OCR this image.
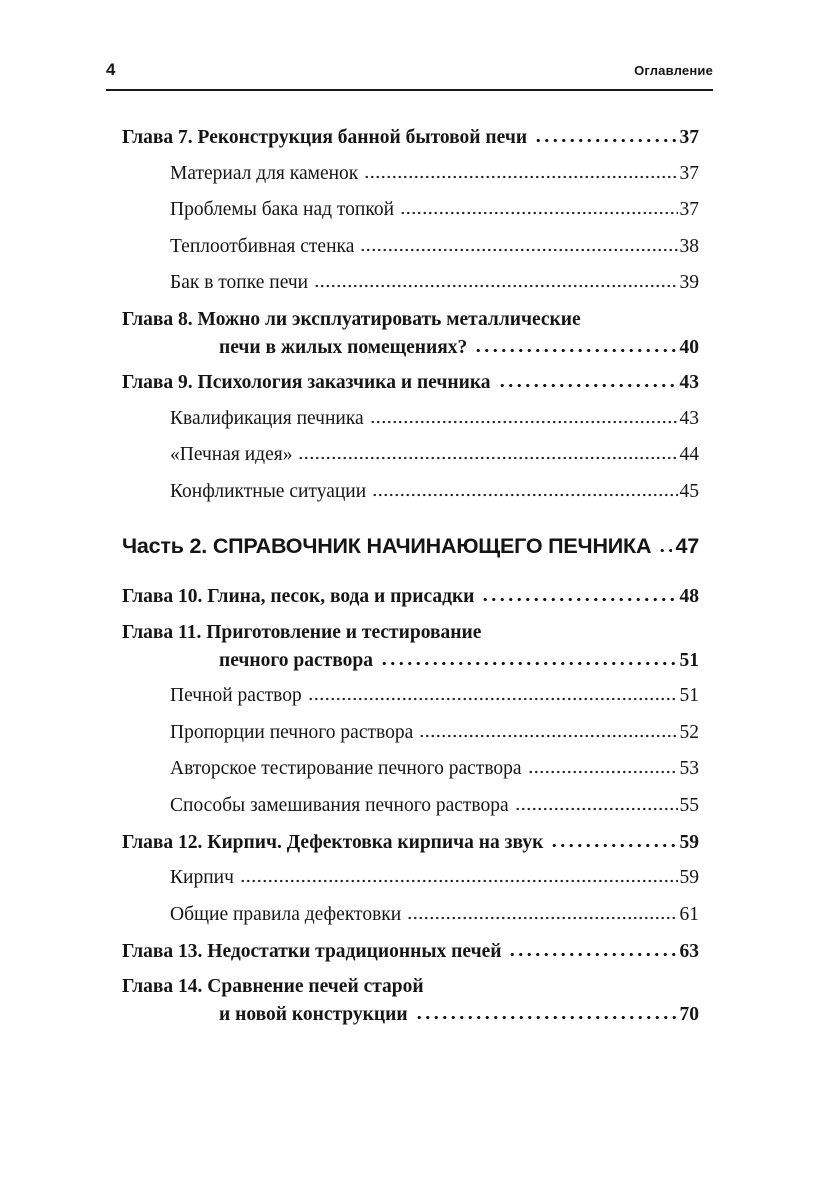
4	Оглавление
Глава 7. Реконструкция банной бытовой печи	37
Материал для каменок	37
Проблемы бака над топкой	37
Теплоотбивная стенка	38
Бак в топке печи	39
Глава 8. Можно ли эксплуатировать металлические
печи в жилых помещениях?	40
Глава 9. Психология заказчика и печника	43
Квалификация печника	43
«Печная идея»	44
Конфликтные ситуации	45
Часть 2. СПРАВОЧНИК НАЧИНАЮЩЕГО ПЕЧНИКА 47
Глава 10. Глина, песок, вода и присадки	48
Глава 11. Приготовление и тестирование
печного раствора	51
Печной раствор	51
Пропорции печного раствора	52
Авторское тестирование печного раствора	53
Способы замешивания печного раствора	55
Глава 12. Кирпич. Дефектовка кирпича на звук	59
Кирпич	59
Общие правила дефектовки	61
Глава 13. Недостатки традиционных печей	63
Глава 14. Сравнение печей старой
и новой конструкции	70
